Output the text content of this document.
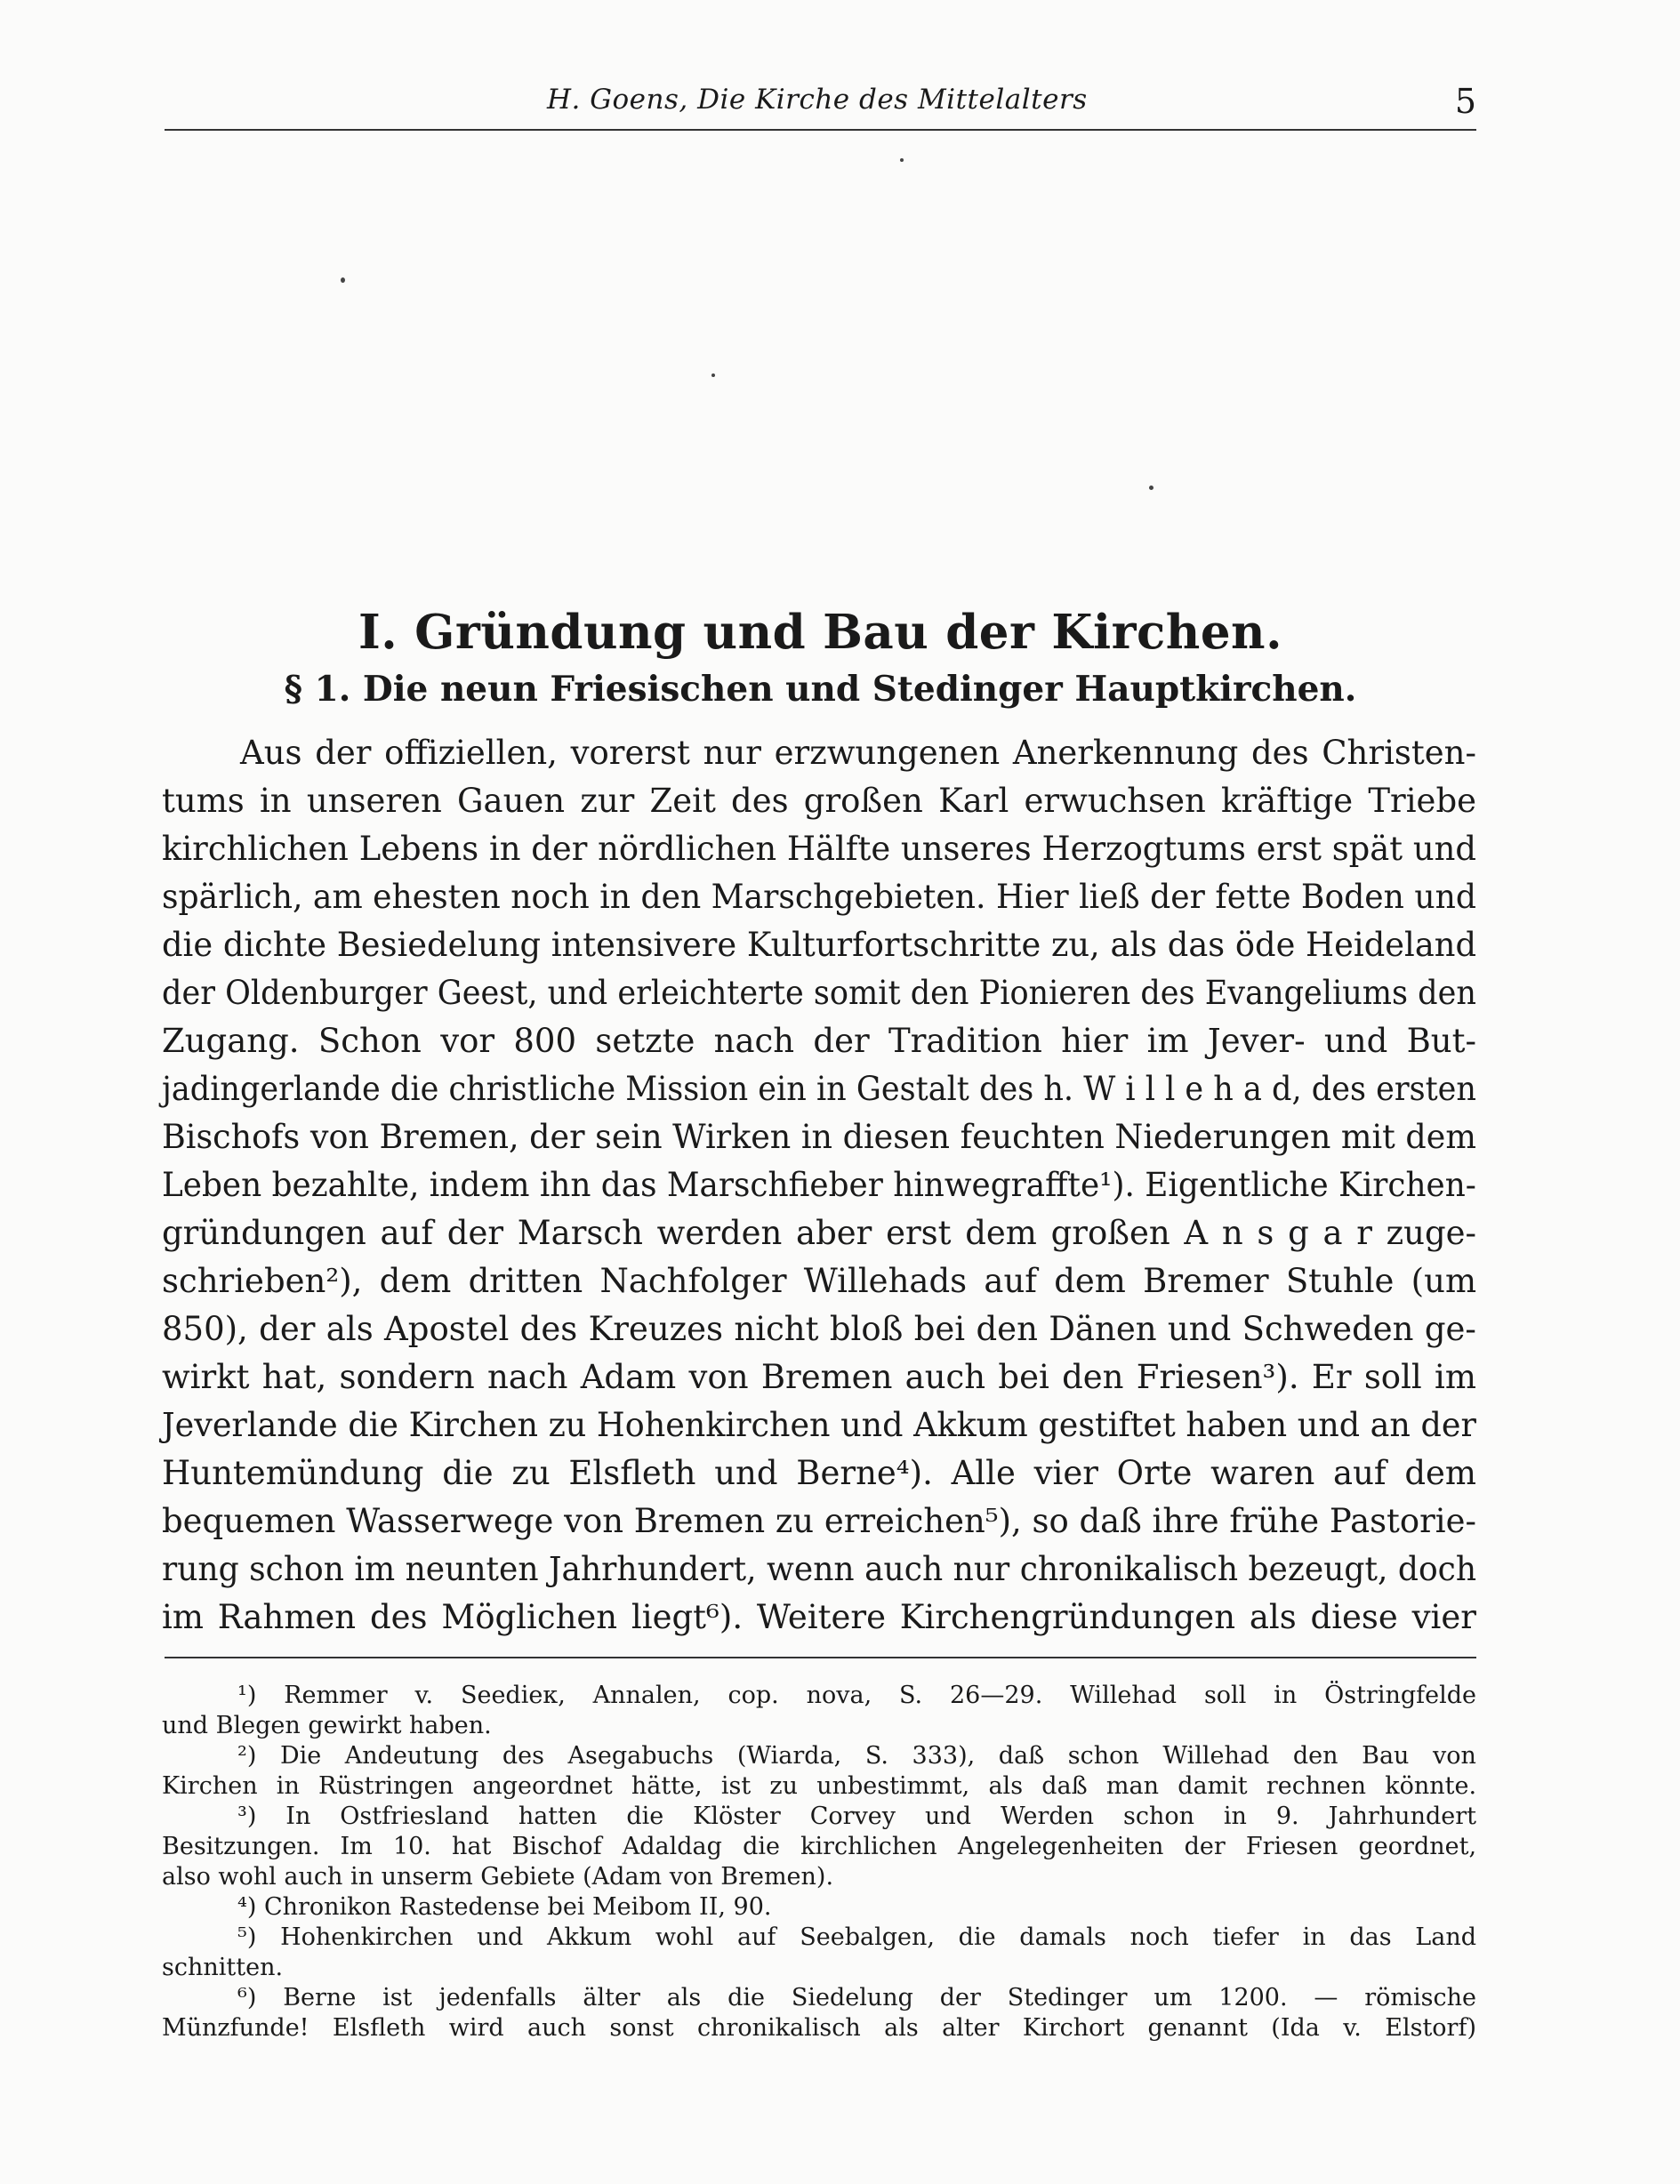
H. Goens, Die Kirche des Mittelalters	5
I. Gründung und Bau der Kirchen.
§ 1. Die neun Friesischen und Stedinger Hauptkirchen.
Aus der offiziellen, vorerst nur erzwungenen Anerkennung des Christen-
tums in unseren Gauen zur Zeit des großen Karl erwuchsen kräftige Triebe
kirchlichen Lebens in der nördlichen Hälfte unseres Herzogtums erst spät und
spärlich, am ehesten noch in den Marschgebieten. Hier ließ der fette Boden und
die dichte Besiedelung intensivere Kulturfortschritte zu, als das öde Heideland
der Oldenburger Geest, und erleichterte somit den Pionieren des Evangeliums den
Zugang. Schon vor 800 setzte nach der Tradition hier im Jever- und But-
jadingerlande die christliche Mission ein in Gestalt des h. W i l l e h a d, des ersten
Bischofs von Bremen, der sein Wirken in diesen feuchten Niederungen mit dem
Leben bezahlte, indem ihn das Marschfieber hinwegraffte¹). Eigentliche Kirchen-
gründungen auf der Marsch werden aber erst dem großen A n s g a r zuge-
schrieben²), dem dritten Nachfolger Willehads auf dem Bremer Stuhle (um
850), der als Apostel des Kreuzes nicht bloß bei den Dänen und Schweden ge-
wirkt hat, sondern nach Adam von Bremen auch bei den Friesen³). Er soll im
Jeverlande die Kirchen zu Hohenkirchen und Akkum gestiftet haben und an der
Huntemündung die zu Elsfleth und Berne⁴). Alle vier Orte waren auf dem
bequemen Wasserwege von Bremen zu erreichen⁵), so daß ihre frühe Pastorie-
rung schon im neunten Jahrhundert, wenn auch nur chronikalisch bezeugt, doch
im Rahmen des Möglichen liegt⁶). Weitere Kirchengründungen als diese vier
¹) Remmer v. Seedieк, Annalen, cop. nova, S. 26—29. Willehad soll in Östringfelde
und Blegen gewirkt haben.
²) Die Andeutung des Asegabuchs (Wiarda, S. 333), daß schon Willehad den Bau von
Kirchen in Rüstringen angeordnet hätte, ist zu unbestimmt, als daß man damit rechnen könnte.
³) In Ostfriesland hatten die Klöster Corvey und Werden schon in 9. Jahrhundert
Besitzungen. Im 10. hat Bischof Adaldag die kirchlichen Angelegenheiten der Friesen geordnet,
also wohl auch in unserm Gebiete (Adam von Bremen).
⁴) Chronikon Rastedense bei Meibom II, 90.
⁵) Hohenkirchen und Akkum wohl auf Seebalgen, die damals noch tiefer in das Land
schnitten.
⁶) Berne ist jedenfalls älter als die Siedelung der Stedinger um 1200. — römische
Münzfunde! Elsfleth wird auch sonst chronikalisch als alter Kirchort genannt (Ida v. Elstorf)
